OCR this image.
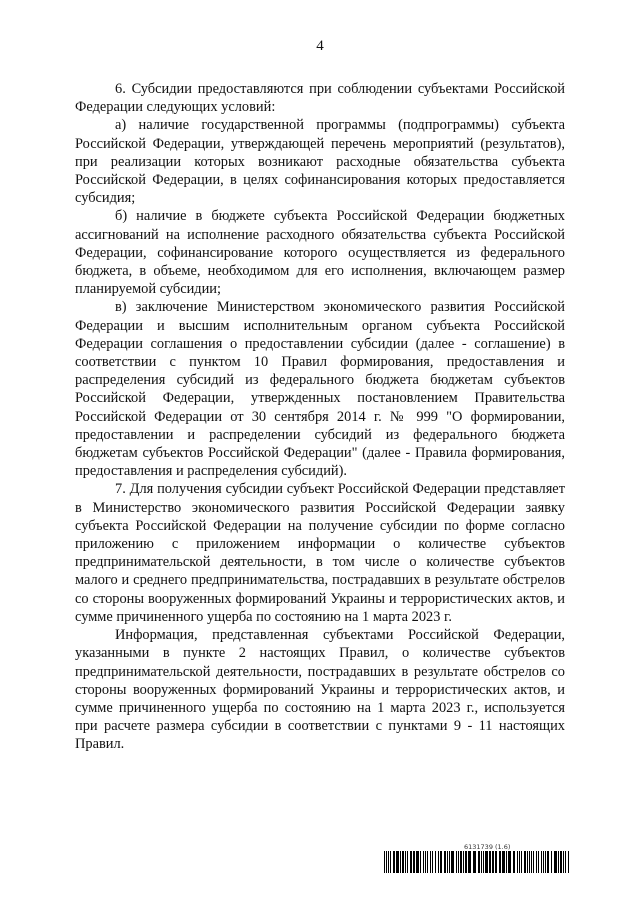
4

6. Субсидии предоставляются при соблюдении субъектами Российской Федерации следующих условий:

а) наличие государственной программы (подпрограммы) субъекта Российской Федерации, утверждающей перечень мероприятий (результатов), при реализации которых возникают расходные обязательства субъекта Российской Федерации, в целях софинансирования которых предоставляется субсидия;

б) наличие в бюджете субъекта Российской Федерации бюджетных ассигнований на исполнение расходного обязательства субъекта Российской Федерации, софинансирование которого осуществляется из федерального бюджета, в объеме, необходимом для его исполнения, включающем размер планируемой субсидии;

в) заключение Министерством экономического развития Российской Федерации и высшим исполнительным органом субъекта Российской Федерации соглашения о предоставлении субсидии (далее - соглашение) в соответствии с пунктом 10 Правил формирования, предоставления и распределения субсидий из федерального бюджета бюджетам субъектов Российской Федерации, утвержденных постановлением Правительства Российской Федерации от 30 сентября 2014 г. № 999 "О формировании, предоставлении и распределении субсидий из федерального бюджета бюджетам субъектов Российской Федерации" (далее - Правила формирования, предоставления и распределения субсидий).

7. Для получения субсидии субъект Российской Федерации представляет в Министерство экономического развития Российской Федерации заявку субъекта Российской Федерации на получение субсидии по форме согласно приложению с приложением информации о количестве субъектов предпринимательской деятельности, в том числе о количестве субъектов малого и среднего предпринимательства, пострадавших в результате обстрелов со стороны вооруженных формирований Украины и террористических актов, и сумме причиненного ущерба по состоянию на 1 марта 2023 г.

Информация, представленная субъектами Российской Федерации, указанными в пункте 2 настоящих Правил, о количестве субъектов предпринимательской деятельности, пострадавших в результате обстрелов со стороны вооруженных формирований Украины и террористических актов, и сумме причиненного ущерба по состоянию на 1 марта 2023 г., используется при расчете размера субсидии в соответствии с пунктами 9 - 11 настоящих Правил.

6131739 (1.6)
